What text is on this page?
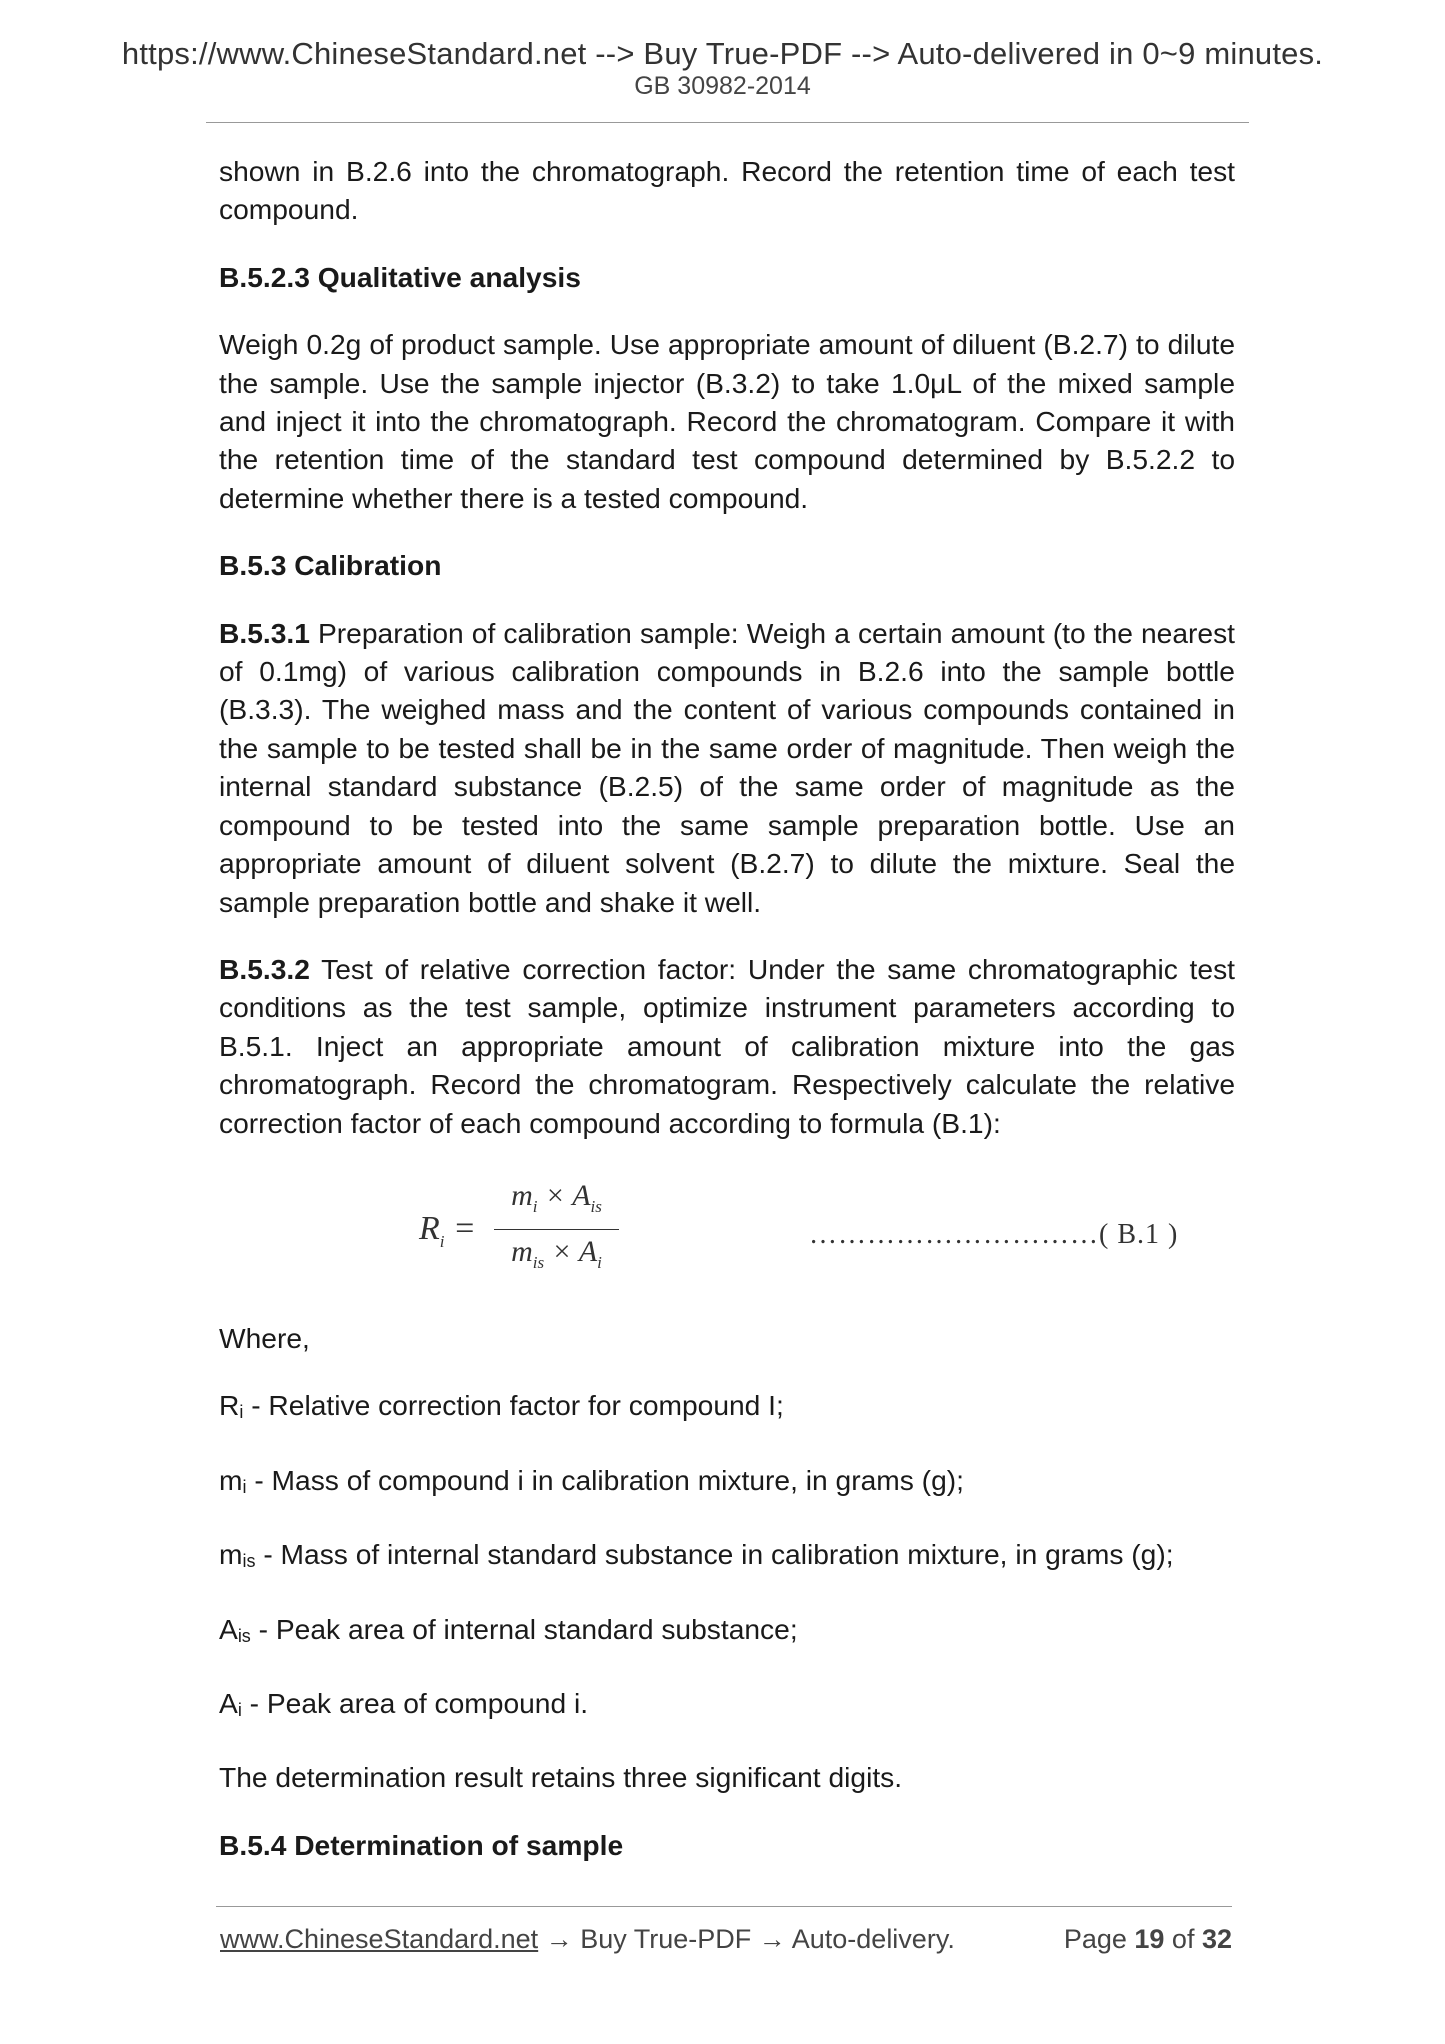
https://www.ChineseStandard.net --> Buy True-PDF --> Auto-delivered in 0~9 minutes.
GB 30982-2014

shown in B.2.6 into the chromatograph. Record the retention time of each test compound.

B.5.2.3 Qualitative analysis

Weigh 0.2g of product sample. Use appropriate amount of diluent (B.2.7) to dilute the sample. Use the sample injector (B.3.2) to take 1.0μL of the mixed sample and inject it into the chromatograph. Record the chromatogram. Compare it with the retention time of the standard test compound determined by B.5.2.2 to determine whether there is a tested compound.

B.5.3 Calibration

B.5.3.1 Preparation of calibration sample: Weigh a certain amount (to the nearest of 0.1mg) of various calibration compounds in B.2.6 into the sample bottle (B.3.3). The weighed mass and the content of various compounds contained in the sample to be tested shall be in the same order of magnitude. Then weigh the internal standard substance (B.2.5) of the same order of magnitude as the compound to be tested into the same sample preparation bottle. Use an appropriate amount of diluent solvent (B.2.7) to dilute the mixture. Seal the sample preparation bottle and shake it well.

B.5.3.2 Test of relative correction factor: Under the same chromatographic test conditions as the test sample, optimize instrument parameters according to B.5.1. Inject an appropriate amount of calibration mixture into the gas chromatograph. Record the chromatogram. Respectively calculate the relative correction factor of each compound according to formula (B.1):

$R_i$ =
$m_i \times A_{is}$
$m_{is} \times A_i$
…………………………( B.1 )

Where,

$R_i$ - Relative correction factor for compound I;

$m_i$ - Mass of compound i in calibration mixture, in grams (g);

$m_{is}$ - Mass of internal standard substance in calibration mixture, in grams (g);

$A_{is}$ - Peak area of internal standard substance;

$A_i$ - Peak area of compound i.

The determination result retains three significant digits.

B.5.4 Determination of sample

www.ChineseStandard.net → Buy True-PDF → Auto-delivery.	Page 19 of 32
